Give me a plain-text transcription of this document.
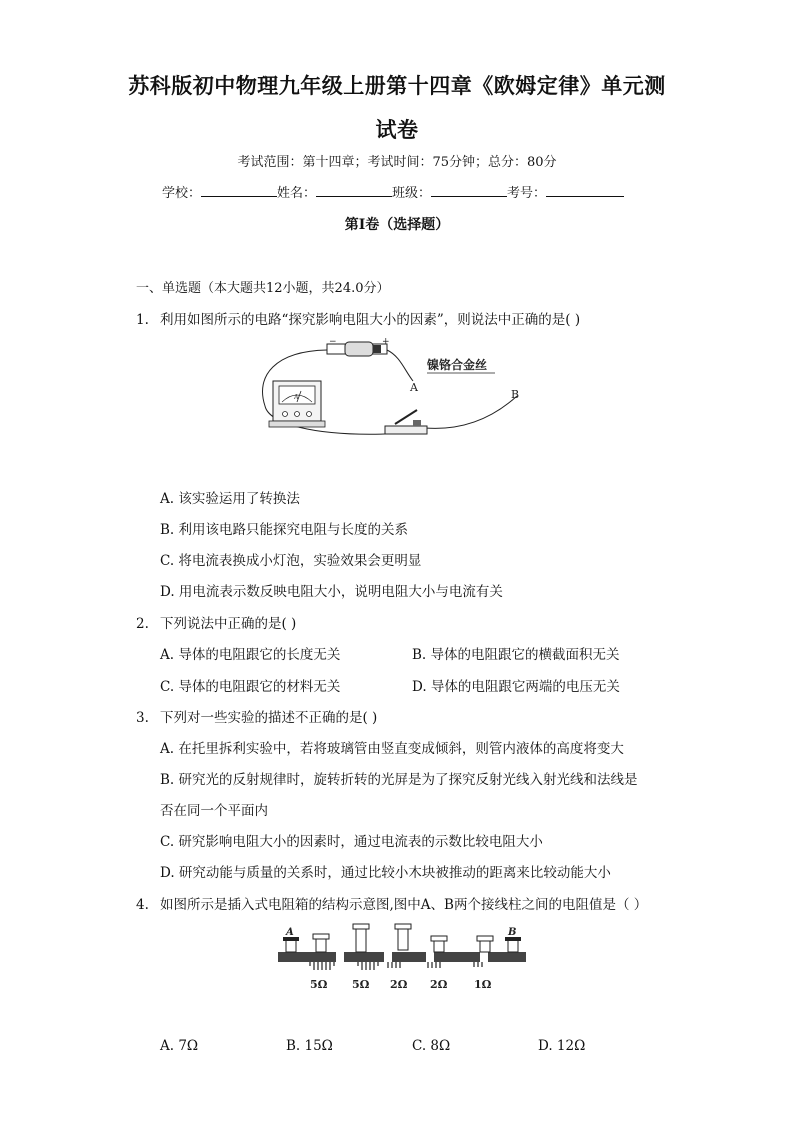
苏科版初中物理九年级上册第十四章《欧姆定律》单元测
试卷
考试范围：第十四章；考试时间：75分钟；总分：80分
学校：	姓名：	班级：	考号：
第I卷（选择题）
一、单选题（本大题共12小题，共24.0分）
1. 利用如图所示的电路“探究影响电阻大小的因素”，则说法中正确的是( )
−	+
A
A
B
镍铬合金丝
A. 该实验运用了转换法
B. 利用该电路只能探究电阻与长度的关系
C. 将电流表换成小灯泡，实验效果会更明显
D. 用电流表示数反映电阻大小，说明电阻大小与电流有关
2. 下列说法中正确的是( )
A. 导体的电阻跟它的长度无关	B. 导体的电阻跟它的横截面积无关
C. 导体的电阻跟它的材料无关	D. 导体的电阻跟它两端的电压无关
3. 下列对一些实验的描述不正确的是( )
A. 在托里拆利实验中，若将玻璃管由竖直变成倾斜，则管内液体的高度将变大
B. 研究光的反射规律时，旋转折转的光屏是为了探究反射光线入射光线和法线是
否在同一个平面内
C. 研究影响电阻大小的因素时，通过电流表的示数比较电阻大小
D. 研究动能与质量的关系时，通过比较小木块被推动的距离来比较动能大小
4. 如图所示是插入式电阻箱的结构示意图,图中A、B两个接线柱之间的电阻值是（ ）
A	B
5Ω 5Ω 2Ω 2Ω 1Ω
A. 7Ω	B. 15Ω	C. 8Ω	D. 12Ω
